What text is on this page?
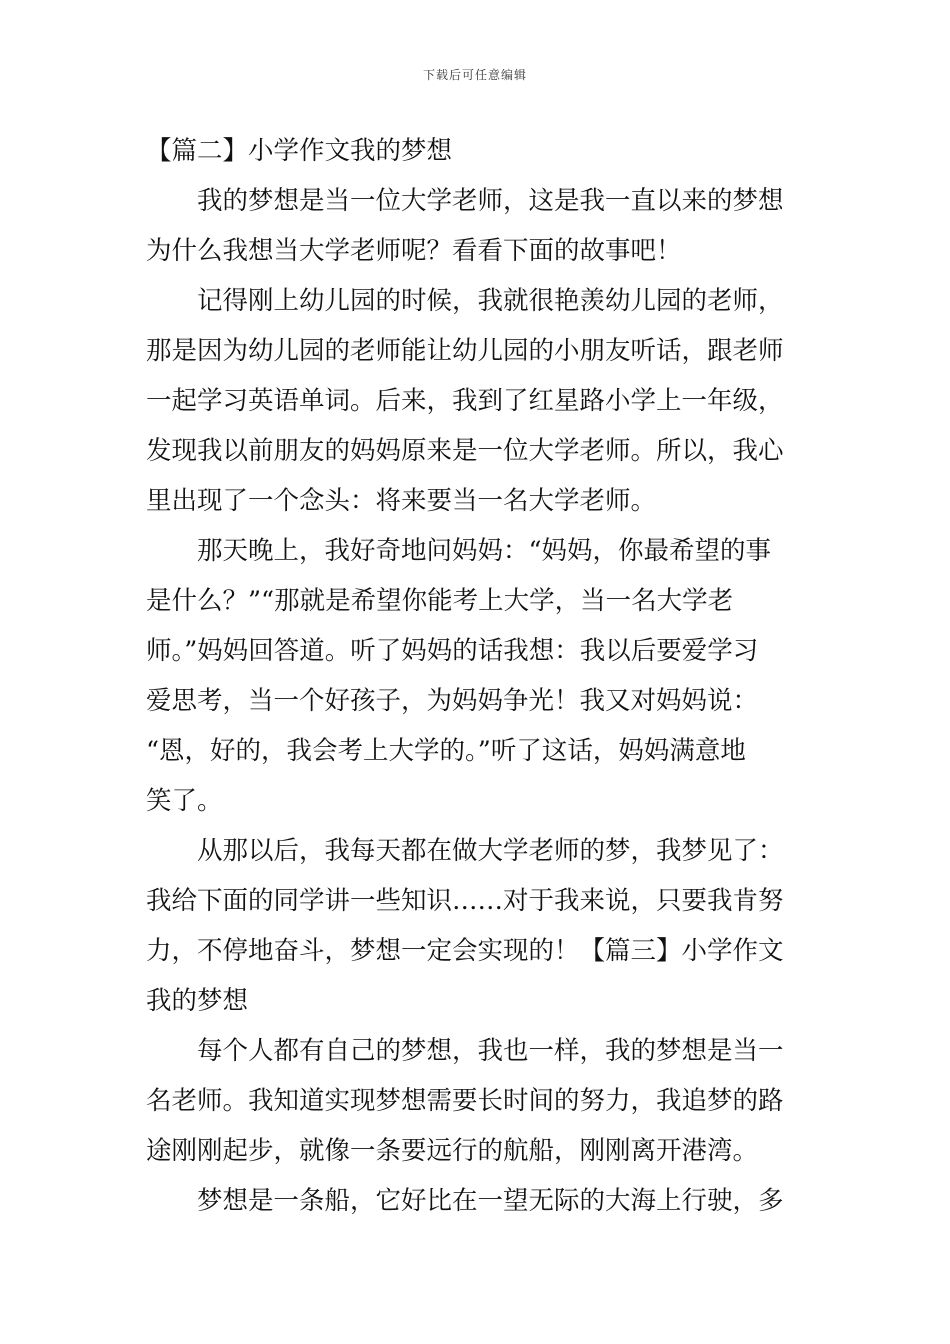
下载后可任意编辑
【篇二】小学作文我的梦想
我的梦想是当一位大学老师，这是我一直以来的梦想
为什么我想当大学老师呢？看看下面的故事吧！
记得刚上幼儿园的时候，我就很艳羡幼儿园的老师，
那是因为幼儿园的老师能让幼儿园的小朋友听话，跟老师
一起学习英语单词。后来，我到了红星路小学上一年级，
发现我以前朋友的妈妈原来是一位大学老师。所以，我心
里出现了一个念头：将来要当一名大学老师。
那天晚上，我好奇地问妈妈：“妈妈，你最希望的事
是什么？”“那就是希望你能考上大学，当一名大学老
师。”妈妈回答道。听了妈妈的话我想：我以后要爱学习
爱思考，当一个好孩子，为妈妈争光！我又对妈妈说：
“恩，好的，我会考上大学的。”听了这话，妈妈满意地
笑了。
从那以后，我每天都在做大学老师的梦，我梦见了：
我给下面的同学讲一些知识……对于我来说，只要我肯努
力，不停地奋斗，梦想一定会实现的！【篇三】小学作文
我的梦想
每个人都有自己的梦想，我也一样，我的梦想是当一
名老师。我知道实现梦想需要长时间的努力，我追梦的路
途刚刚起步，就像一条要远行的航船，刚刚离开港湾。
梦想是一条船，它好比在一望无际的大海上行驶，多
